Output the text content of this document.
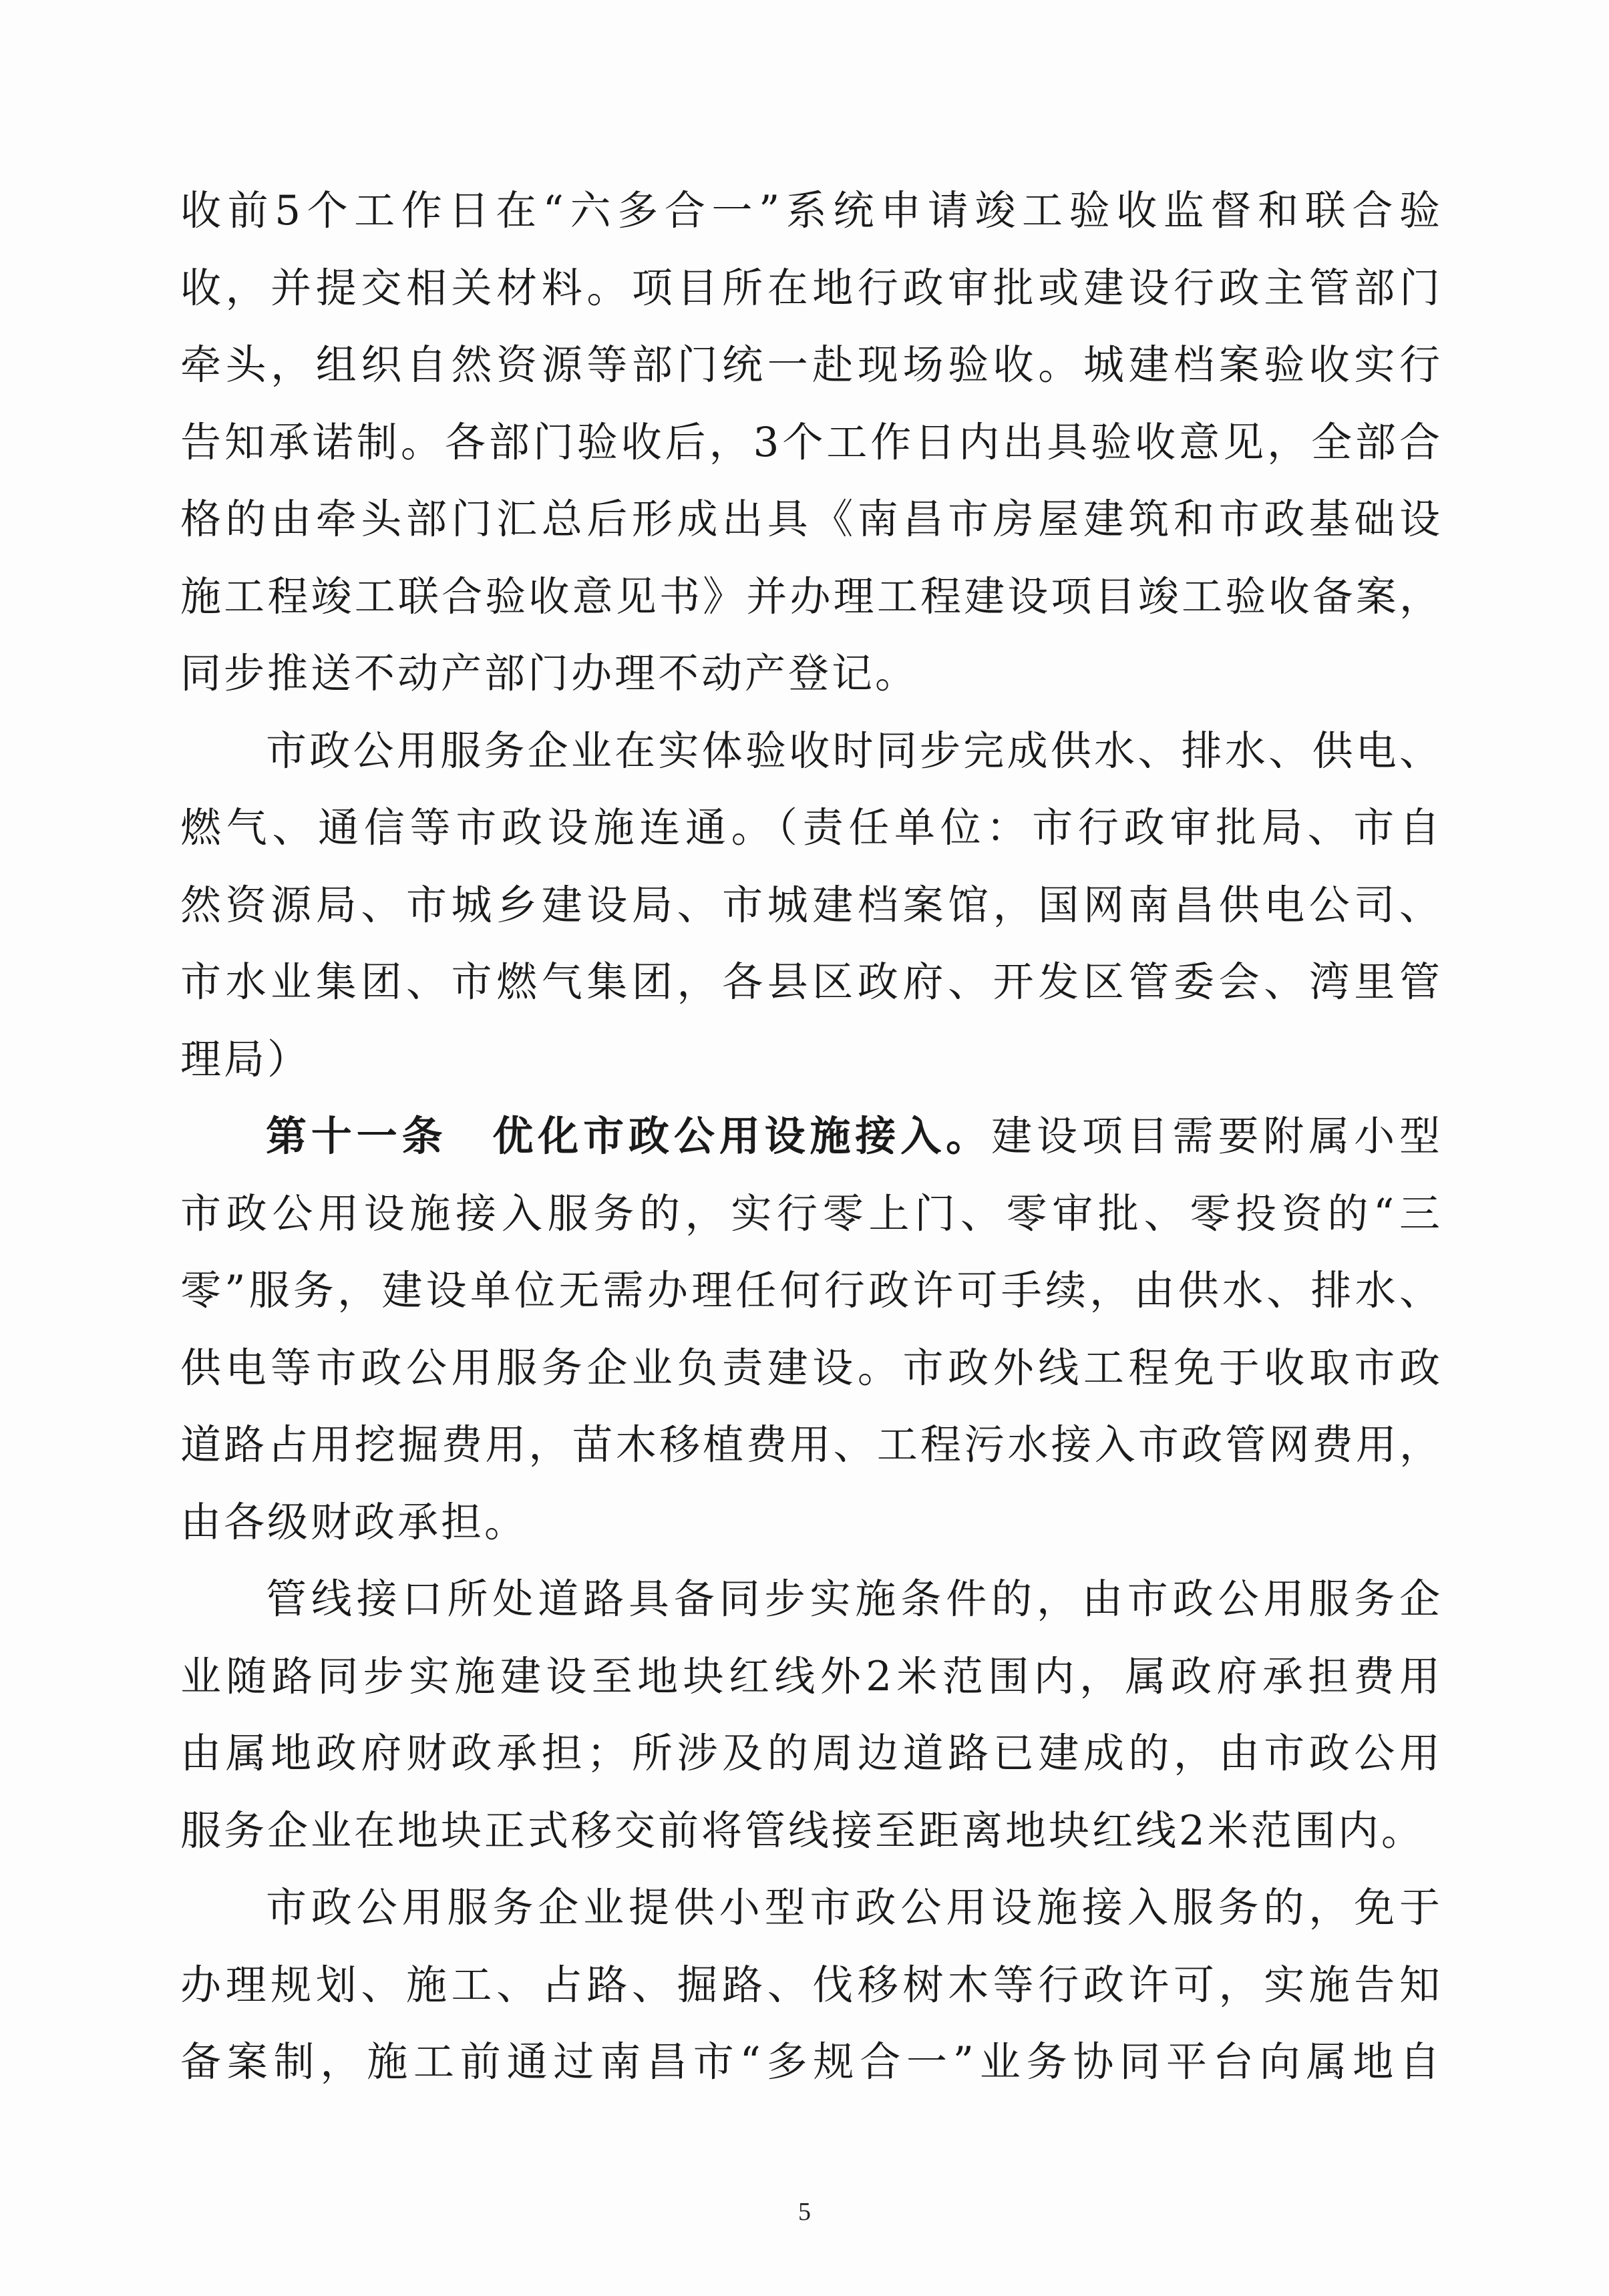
收前5个工作日在“六多合一”系统申请竣工验收监督和联合验
收，并提交相关材料。项目所在地行政审批或建设行政主管部门
牵头，组织自然资源等部门统一赴现场验收。城建档案验收实行
告知承诺制。各部门验收后，3个工作日内出具验收意见，全部合
格的由牵头部门汇总后形成出具《南昌市房屋建筑和市政基础设
施工程竣工联合验收意见书》并办理工程建设项目竣工验收备案，
同步推送不动产部门办理不动产登记。
市政公用服务企业在实体验收时同步完成供水、排水、供电、
燃气、通信等市政设施连通。（责任单位：市行政审批局、市自
然资源局、市城乡建设局、市城建档案馆，国网南昌供电公司、
市水业集团、市燃气集团，各县区政府、开发区管委会、湾里管
理局）
第十一条　优化市政公用设施接入。建设项目需要附属小型
市政公用设施接入服务的，实行零上门、零审批、零投资的“三
零”服务，建设单位无需办理任何行政许可手续，由供水、排水、
供电等市政公用服务企业负责建设。市政外线工程免于收取市政
道路占用挖掘费用，苗木移植费用、工程污水接入市政管网费用，
由各级财政承担。
管线接口所处道路具备同步实施条件的，由市政公用服务企
业随路同步实施建设至地块红线外2米范围内，属政府承担费用
由属地政府财政承担；所涉及的周边道路已建成的，由市政公用
服务企业在地块正式移交前将管线接至距离地块红线2米范围内。
市政公用服务企业提供小型市政公用设施接入服务的，免于
办理规划、施工、占路、掘路、伐移树木等行政许可，实施告知
备案制，施工前通过南昌市“多规合一”业务协同平台向属地自
5
